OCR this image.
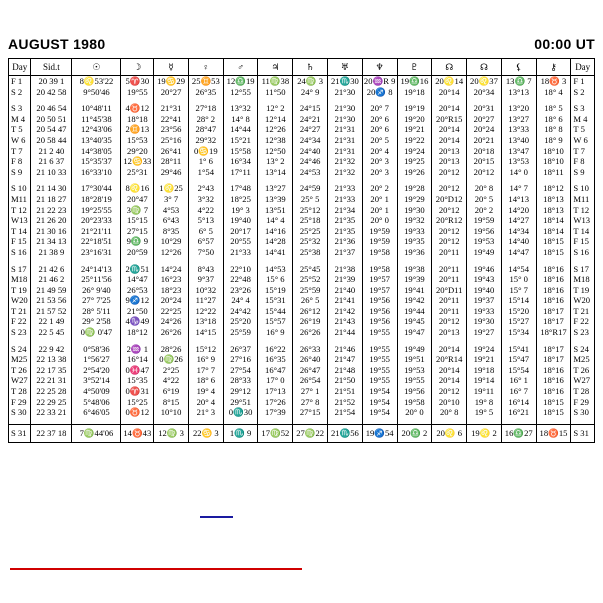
AUGUST 1980	00:00 UT
Day	Sid.t	☉	☽	☿	♀	♂	♃	♄	♅	♆	♇	☊	☊	⚸	⚷	Day
F 1	20 39 1	8♌53'22	5♈30	19♋29	25♊53	12♎19	11♍38	24♍ 3	21♏30	20♒R 9	19♎16	20♌14	20♌37	13♎ 7	18♉ 3	F 1
S 2	20 42 58	9°50'46	19°55	20°27	26°35	12°55	11°50	24° 9	21°30	20♐ 8	19°18	20°14	20°34	13°13	18° 4	S 2

S 3	20 46 54	10°48'11	4♉12	21°31	27°18	13°32	12° 2	24°15	21°30	20° 7	19°19	20°14	20°31	13°20	18° 5	S 3
M 4	20 50 51	11°45'38	18°18	22°41	28° 2	14° 8	12°14	24°21	21°30	20° 6	19°20	20°R15	20°27	13°27	18° 6	M 4
T 5	20 54 47	12°43'06	2♊13	23°56	28°47	14°44	12°26	24°27	21°31	20° 6	19°21	20°14	20°24	13°33	18° 8	T 5
W 6	20 58 44	13°40'35	15°53	25°16	29°32	15°21	12°38	24°34	21°31	20° 5	19°22	20°14	20°21	13°40	18° 9	W 6
T 7	21 2 40	14°38'05	29°20	26°41	0♋19	15°58	12°50	24°40	21°31	20° 4	19°24	20°13	20°18	13°47	18°10	T 7
F 8	21 6 37	15°35'37	12♋33	28°11	1° 6	16°34	13° 2	24°46	21°32	20° 3	19°25	20°13	20°15	13°53	18°10	F 8
S 9	21 10 33	16°33'10	25°31	29°46	1°54	17°11	13°14	24°53	21°32	20° 3	19°26	20°12	20°12	14° 0	18°11	S 9

S 10	21 14 30	17°30'44	8♌16	1♌25	2°43	17°48	13°27	24°59	21°33	20° 2	19°28	20°12	20° 8	14° 7	18°12	S 10
M11	21 18 27	18°28'19	20°47	3° 7	3°32	18°25	13°39	25° 5	21°33	20° 1	19°29	20°D12	20° 5	14°13	18°13	M11
T 12	21 22 23	19°25'55	3♍ 7	4°53	4°22	19° 3	13°51	25°12	21°34	20° 1	19°30	20°12	20° 2	14°20	18°13	T 12
W13	21 26 20	20°23'33	15°15	6°43	5°13	19°40	14° 4	25°18	21°35	20° 0	19°32	20°R12	19°59	14°27	18°14	W13
T 14	21 30 16	21°21'11	27°15	8°35	6° 5	20°17	14°16	25°25	21°35	19°59	19°33	20°12	19°56	14°34	18°14	T 14
F 15	21 34 13	22°18'51	9♎ 9	10°29	6°57	20°55	14°28	25°32	21°36	19°59	19°35	20°12	19°53	14°40	18°15	F 15
S 16	21 38 9	23°16'31	20°59	12°26	7°50	21°33	14°41	25°38	21°37	19°58	19°36	20°11	19°49	14°47	18°15	S 16

S 17	21 42 6	24°14'13	2♏51	14°24	8°43	22°10	14°53	25°45	21°38	19°58	19°38	20°11	19°46	14°54	18°16	S 17
M18	21 46 2	25°11'56	14°47	16°23	9°37	22°48	15° 6	25°52	21°39	19°57	19°39	20°11	19°43	15° 0	18°16	M18
T 19	21 49 59	26° 9'40	26°53	18°23	10°32	23°26	15°19	25°59	21°40	19°57	19°41	20°D11	19°40	15° 7	18°16	T 19
W20	21 53 56	27° 7'25	9♐12	20°24	11°27	24° 4	15°31	26° 5	21°41	19°56	19°42	20°11	19°37	15°14	18°16	W20
T 21	21 57 52	28° 5'11	21°50	22°25	12°22	24°42	15°44	26°12	21°42	19°56	19°44	20°11	19°33	15°20	18°17	T 21
F 22	22 1 49	29° 2'58	4♑49	24°26	13°18	25°20	15°57	26°19	21°43	19°56	19°45	20°12	19°30	15°27	18°17	F 22
S 23	22 5 45	0♍ 0'47	18°12	26°26	14°15	25°59	16° 9	26°26	21°44	19°55	19°47	20°13	19°27	15°34	18°R17	S 23

S 24	22 9 42	0°58'36	2♒ 1	28°26	15°12	26°37	16°22	26°33	21°46	19°55	19°49	20°14	19°24	15°41	18°17	S 24
M25	22 13 38	1°56'27	16°14	0♍26	16° 9	27°16	16°35	26°40	21°47	19°55	19°51	20°R14	19°21	15°47	18°17	M25
T 26	22 17 35	2°54'20	0♓47	2°25	17° 7	27°54	16°47	26°47	21°48	19°55	19°53	20°14	19°18	15°54	18°16	T 26
W27	22 21 31	3°52'14	15°35	4°22	18° 6	28°33	17° 0	26°54	21°50	19°55	19°55	20°14	19°14	16° 1	18°16	W27
T 28	22 25 28	4°50'09	0♈31	6°19	19° 4	29°12	17°13	27° 1	21°51	19°54	19°56	20°12	19°11	16° 7	18°16	T 28
F 29	22 29 25	5°48'06	15°25	8°15	20° 4	29°51	17°26	27° 8	21°52	19°54	19°58	20°10	19° 8	16°14	18°15	F 29
S 30	22 33 21	6°46'05	0♉12	10°10	21° 3	0♏30	17°39	27°15	21°54	19°54	20° 0	20° 8	19° 5	16°21	18°15	S 30

S 31	22 37 18	7♍44'06	14♉43	12♍ 3	22♋ 3	1♏ 9	17♍52	27♍22	21♏56	19♐54	20♎ 2	20♌ 6	19♌ 2	16♎27	18♉15	S 31
